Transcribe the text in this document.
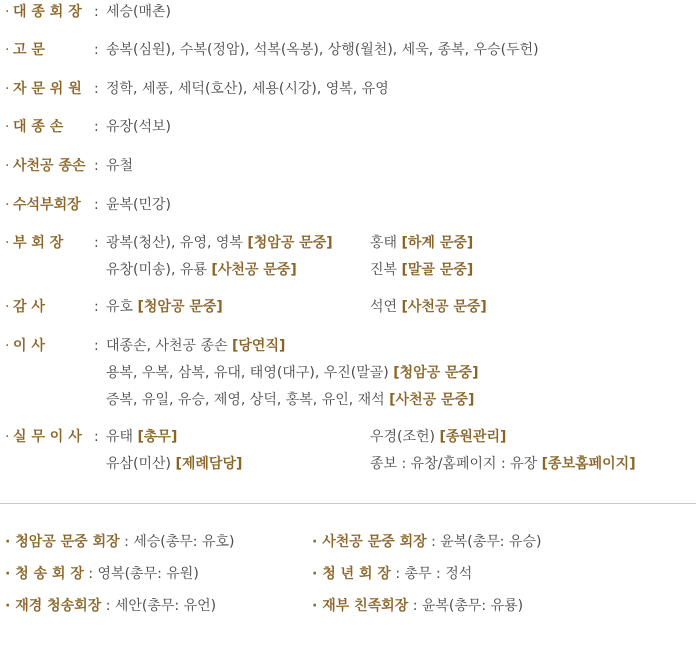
· 대 종 회 장 : 세승(매촌)
· 고 문	: 송복(심원), 수복(정암), 석복(옥봉), 상행(월천), 세욱, 종복, 우승(두헌)
· 자 문 위 원 : 정학, 세풍, 세덕(호산), 세용(시강), 영복, 유영
· 대 종 손 : 유장(석보)
· 사천공 종손 : 유철
· 수석부회장 : 윤복(민강)
· 부 회 장 : 광복(청산), 유영, 영복 [청암공 문중]	홍태 [하계 문중]
유창(미송), 유룡 [사천공 문중]	진복 [말골 문중]
· 감 사	: 유호 [청암공 문중]	석연 [사천공 문중]
· 이 사	: 대종손, 사천공 종손 [당연직]
용복, 우복, 삼복, 유대, 태영(대구), 우진(말골) [청암공 문중]
증복, 유일, 유승, 제영, 상덕, 홍복, 유인, 재석 [사천공 문중]
· 실 무 이 사 : 유태 [총무]	우경(조헌) [종원관리]
유삼(미산) [제례담당]	종보 : 유창/홈페이지 : 유장 [종보홈페이지]
· 청암공 문중 회장 : 세승(총무: 유호)	· 사천공 문중 회장 : 윤복(총무: 유승)
· 청 송 회 장 : 영복(총무: 유원)	· 청 년 회 장 : 총무 : 정석
· 재경 청송회장 : 세안(총무: 유언)	· 재부 친족회장 : 윤복(총무: 유룡)
